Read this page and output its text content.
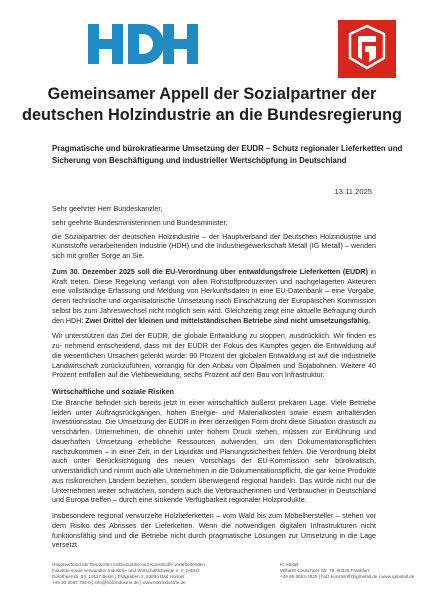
Gemeinsamer Appell der Sozialpartner der
deutschen Holzindustrie an die Bundesregierung
Pragmatische und bürokratiearme Umsetzung der EUDR – Schutz regionaler Lieferketten und Sicherung von Beschäftigung und industrieller Wertschöpfung in Deutschland
13.11.2025

Sehr geehrter Herr Bundeskanzler,

sehr geehrte Bundesministerinnen und Bundesminister,

die Sozialpartner der deutschen Holzindustrie – der Hauptverband der Deutschen Holzindustrie und Kunststoffe verarbeitenden Industrie (HDH) und die Industriegewerkschaft Metall (IG Metall) – wenden sich mit großer Sorge an Sie.

Zum 30. Dezember 2025 soll die EU-Verordnung über entwaldungsfreie Lieferketten (EUDR) in Kraft treten. Diese Regelung verlangt von allen Rohstoffproduzenten und nachgelagerten Akteuren eine vollständige Erfassung und Meldung von Herkunftsdaten in eine EU-Datenbank – eine Vorgabe, deren technische und organisatorische Umsetzung nach Einschätzung der Europäischen Kommission selbst bis zum Jahreswechsel nicht möglich sein wird. Gleichzeitig zeigt eine aktuelle Befragung durch den HDH: Zwei Drittel der kleinen und mittelständischen Betriebe sind nicht umsetzungsfähig.

Wir unterstützen das Ziel der EUDR, die globale Entwaldung zu stoppen, ausdrücklich. Wir finden es zu- nehmend entscheidend, dass mit der EUDR der Fokus des Kampfes gegen die Entwaldung auf die wesentlichen Ursachen gelenkt wurde: 90 Prozent der globalen Entwaldung ist auf die industrielle Landwirtschaft zurückzuführen, vorrangig für den Anbau von Ölpalmen und Sojabohnen. Weitere 40 Prozent entfallen auf die Viehbeweidung, sechs Prozent auf den Bau von Infrastruktur.

Wirtschaftliche und soziale Risiken

Die Branche befindet sich bereits jetzt in einer wirtschaftlich äußerst prekären Lage. Viele Betriebe leiden unter Auftragsrückgängen, hohen Energie- und Materialkosten sowie einem anhaltenden Investitionsstau. Die Umsetzung der EUDR in ihrer derzeitigen Form droht diese Situation drastisch zu verschärfen. Unternehmen, die ohnehin unter hohem Druck stehen, müssen zur Einführung und dauerhaften Umsetzung erhebliche Ressourcen aufwenden, um den Dokumentationspflichten nachzukommen – in einer Zeit, in der Liquidität und Planungssicherheit fehlen. Die Verordnung bleibt auch unter Berücksichtigung des neuen Vorschlags der EU-Kommission sehr bürokratisch, unverständlich und nimmt auch alle Unternehmen in die Dokumentationspflicht, die gar keine Produkte aus risikoreichen Ländern beziehen, sondern überwiegend regional handeln. Das würde nicht nur die Unternehmen weiter schwächen, sondern auch die Verbraucherinnen und Verbraucher in Deutschland und Europa treffen – durch eine sinkende Verfügbarkeit regionaler Holzprodukte.

Insbesondere regional verwurzelte Holzlieferketten – vom Wald bis zum Möbelhersteller – stehen vor dem Risiko des Abrisses der Lieferketten. Wenn die notwendigen digitalen Infrastrukturen nicht funktionsfähig sind und die Betriebe nicht durch pragmatische Lösungen zur Umsetzung in die Lage versetzt

Hauptverband der Deutschen Holzindustrie und Kunststoffe verarbeitenden
Industrie sowie verwandter Industrie- und Wirtschaftszweige e. V. (HDH)
Dorotheenstr. 54, 10117 Berlin | Flutgraben 2, 53604 Bad Honnef
+49 30 3087 784-0 | info@holzindustrie.de | www.holzindustrie.de
IG Metall
Wilhelm-Leuschner-Str. 79, 60329 Frankfurt
+49 69 6693-2820 | holz.kunststoff@igmetall.de | www.igmetall.de
